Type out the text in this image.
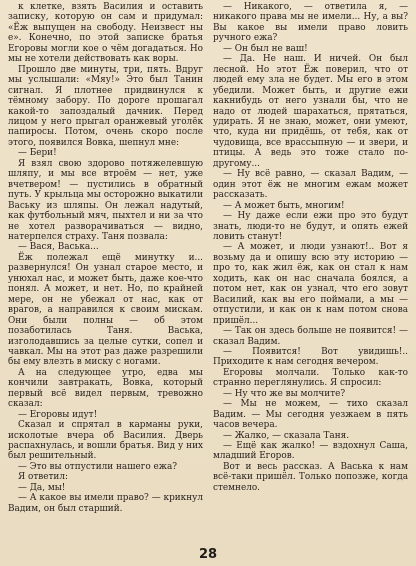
к клетке, взять Василия и оставить записку, которую он сам и придумал: «Ёж выпущен на свободу. Неизвест ны е». Конечно, по этой записке братья Егоровы могли кое о чём догадаться. Но мы не хотели действовать как воры.

Прошло две минуты, три, пять. Вдруг мы услышали: «Мяу!» Это был Танин сигнал. Я плотнее придвинулся к тёмному забору. По дороге прошагал какой-то запоздалый дачник. Перед лицом у него прыгал оранжевый уголёк папиросы. Потом, очень скоро после этого, появился Вовка, шепнул мне:

— Бери!

Я взял свою здорово потяжелевшую шляпу, и мы все втроём — нет, уже вчетвером! — пустились в обратный путь. У крыльца мы осторожно выкатили Ваську из шляпы. Он лежал надутый, как футбольный мяч, пыхтел и ни за что не хотел разворачиваться — видно, натерпелся страху. Таня позвала:

— Вася, Васька...

Ёж полежал ещё минутку и... развернулся! Он узнал старое место, и унюхал нас, и может быть, даже кое-что понял. А может, и нет. Но, по крайней мере, он не убежал от нас, как от врагов, а направился к своим мискам. Они были полны — об этом позаботилась Таня. Васька, изголодавшись за целые сутки, сопел и чавкал. Мы на этот раз даже разрешили бы ему влезть в миску с ногами.

А на следующее утро, едва мы кончили завтракать, Вовка, который первый всё видел первым, тревожно сказал:

— Егоровы идут!

Сказал и спрятал в карманы руки, исколотые вчера об Василия. Дверь распахнулась, и вошли братья. Вид у них был решительный.

— Это вы отпустили нашего ежа?

Я ответил:

— Да, мы!

— А какое вы имели право? — крикнул Вадим, он был старший.

— Никакого, — ответила я, — никакого права мы не имели... Ну, а вы? Вы какое вы имели право ловить ручного ежа?

— Он был не ваш!

— Да. Не наш. И ничей. Он был лесной. Но этот Ёж поверил, что от людей ему зла не будет. Мы его в этом убедили. Может быть, и другие ежи какнибудь от него узнали бы, что не надо от людей шарахаться, прятаться, удирать. Я не знаю, может, они умеют, что, куда ни придёшь, от тебя, как от чудовища, все врассыпную — и звери, и птицы. А ведь это тоже стало по-другому...

— Ну всё равно, — сказал Вадим, — один этот ёж не многим ежам может рассказать.

— А может быть, многим!

— Ну даже если ежи про это будут знать, люди-то не будут, и опять ежей ловить станут!

— А может, и люди узнают!.. Вот я возьму да и опишу всю эту историю — про то, как жил ёж, как он стал к нам ходить, как он нас сначала боялся, а потом нет, как он узнал, что его зовут Василий, как вы его поймали, а мы — отпустили, и как он к нам потом снова пришёл...

— Так он здесь больше не появится! — сказал Вадим.

— Появится! Вот увидишь!.. Приходите к нам сегодня вечером.

Егоровы молчали. Только как-то странно переглянулись. Я спросил:

— Ну что же вы молчите?

— Мы не можем, — тихо сказал Вадим. — Мы сегодня уезжаем в пять часов вечера.

— Жалко, — сказала Таня.

— Ещё как жалко! — вздохнул Саша, младший Егоров.

Вот и весь рассказ. А Васька к нам всё-таки пришёл. Только попозже, когда стемнело.

28
